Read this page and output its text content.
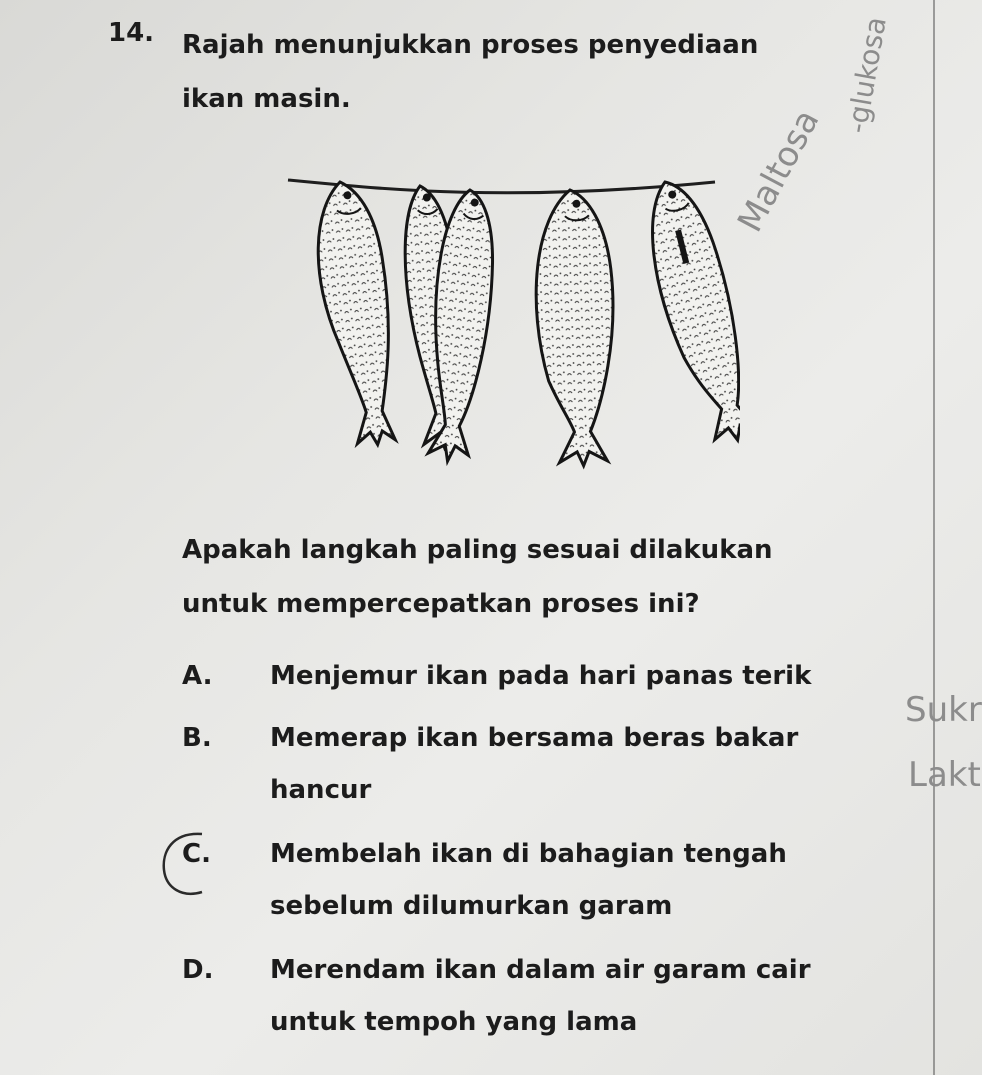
14. Rajah menunjukkan proses penyediaan ikan masin.
Maltosa
-glukosa
Apakah langkah paling sesuai dilakukan untuk mempercepatkan proses ini?
A.	Menjemur ikan pada hari panas terik
B.	Memerap ikan bersama beras bakar hancur
C.	Membelah ikan di bahagian tengah sebelum dilumurkan garam
D.	Merendam ikan dalam air garam cair untuk tempoh yang lama
Sukr
Lakt
